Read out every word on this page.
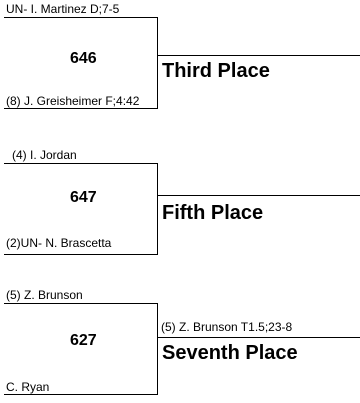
UN- I. Martinez D;7-5
646
Third Place
(8) J. Greisheimer F;4:42
(4) I. Jordan
647
Fifth Place
(2)UN- N. Brascetta
(5) Z. Brunson
627
(5) Z. Brunson T1.5;23-8
Seventh Place
C. Ryan
